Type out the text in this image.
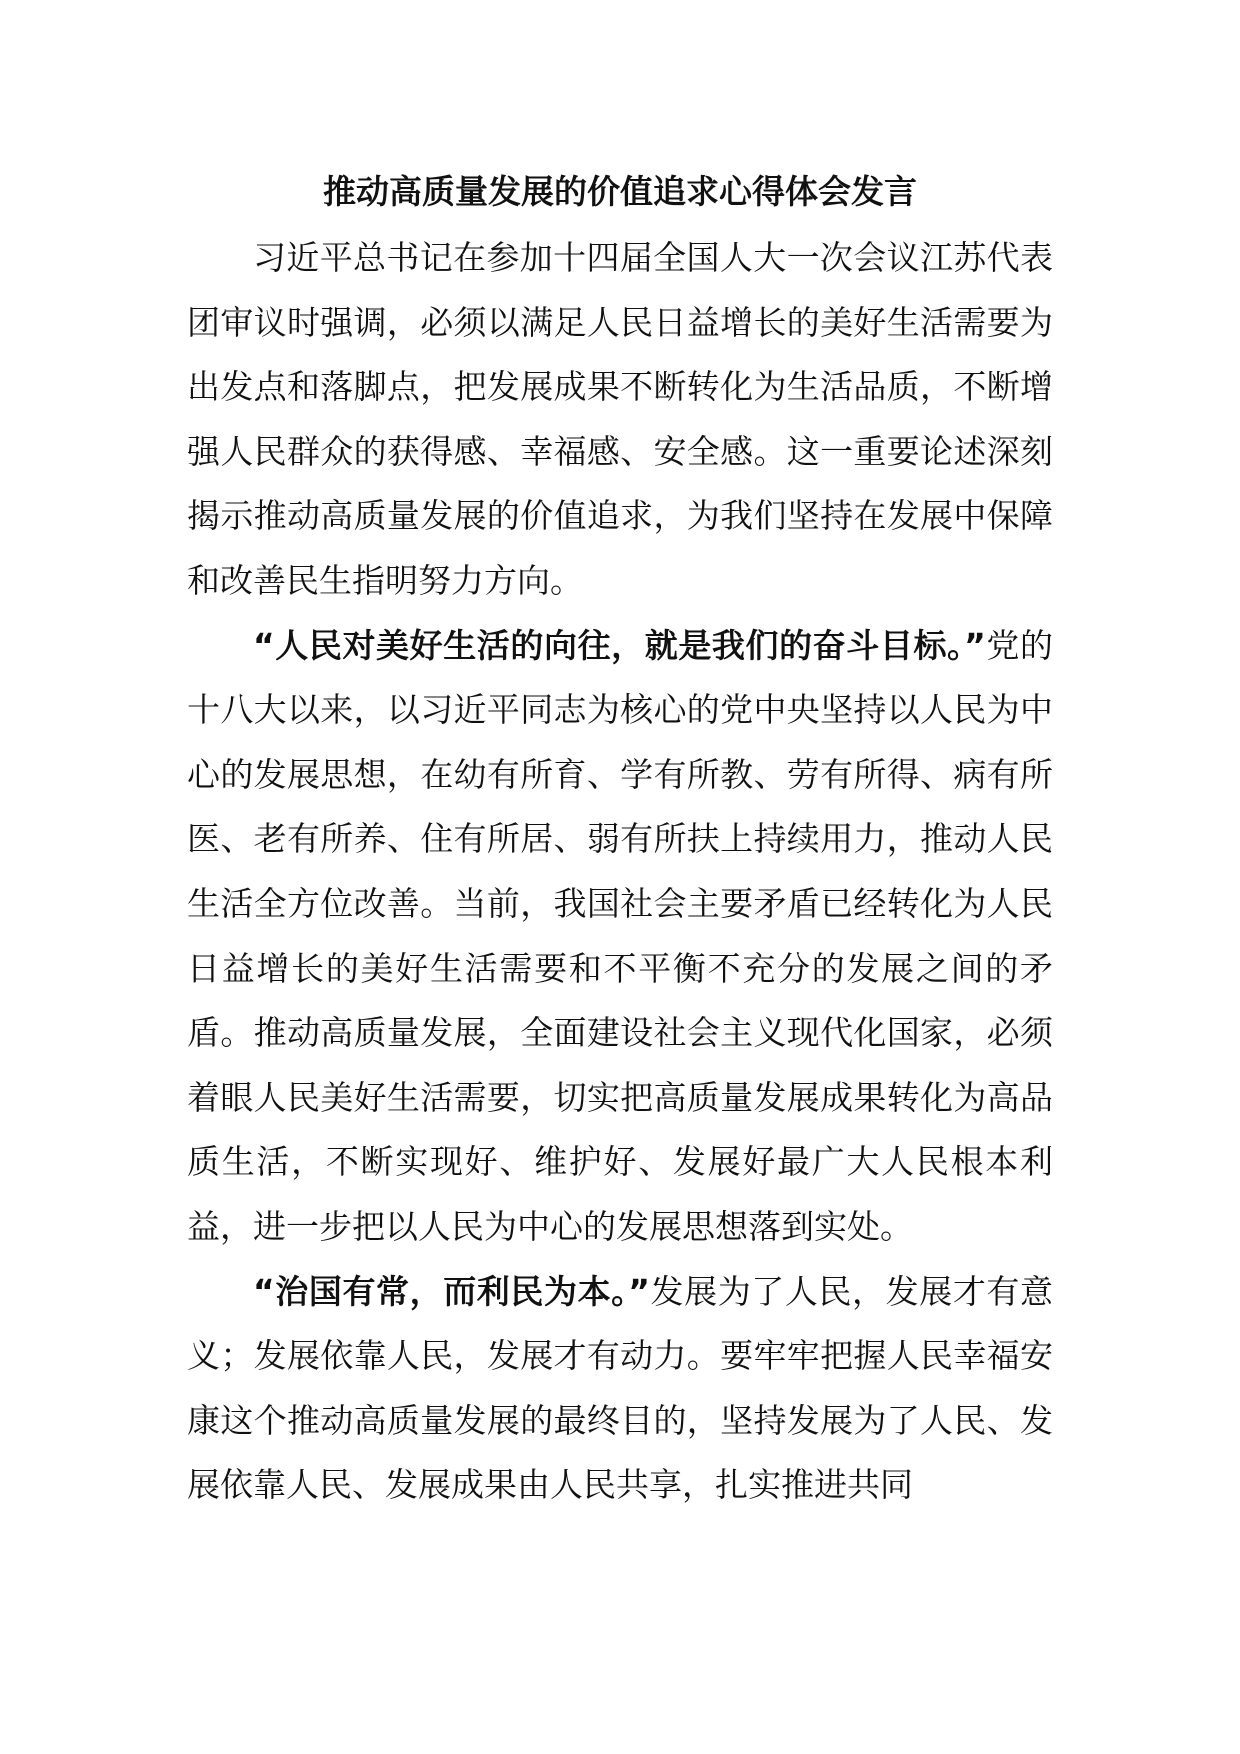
推动高质量发展的价值追求心得体会发言

习近平总书记在参加十四届全国人大一次会议江苏代表团审议时强调，必须以满足人民日益增长的美好生活需要为出发点和落脚点，把发展成果不断转化为生活品质，不断增强人民群众的获得感、幸福感、安全感。这一重要论述深刻揭示推动高质量发展的价值追求，为我们坚持在发展中保障和改善民生指明努力方向。

“人民对美好生活的向往，就是我们的奋斗目标。”党的十八大以来，以习近平同志为核心的党中央坚持以人民为中心的发展思想，在幼有所育、学有所教、劳有所得、病有所医、老有所养、住有所居、弱有所扶上持续用力，推动人民生活全方位改善。当前，我国社会主要矛盾已经转化为人民日益增长的美好生活需要和不平衡不充分的发展之间的矛盾。推动高质量发展，全面建设社会主义现代化国家，必须着眼人民美好生活需要，切实把高质量发展成果转化为高品质生活，不断实现好、维护好、发展好最广大人民根本利益，进一步把以人民为中心的发展思想落到实处。

“治国有常，而利民为本。”发展为了人民，发展才有意义；发展依靠人民，发展才有动力。要牢牢把握人民幸福安康这个推动高质量发展的最终目的，坚持发展为了人民、发展依靠人民、发展成果由人民共享，扎实推进共同
